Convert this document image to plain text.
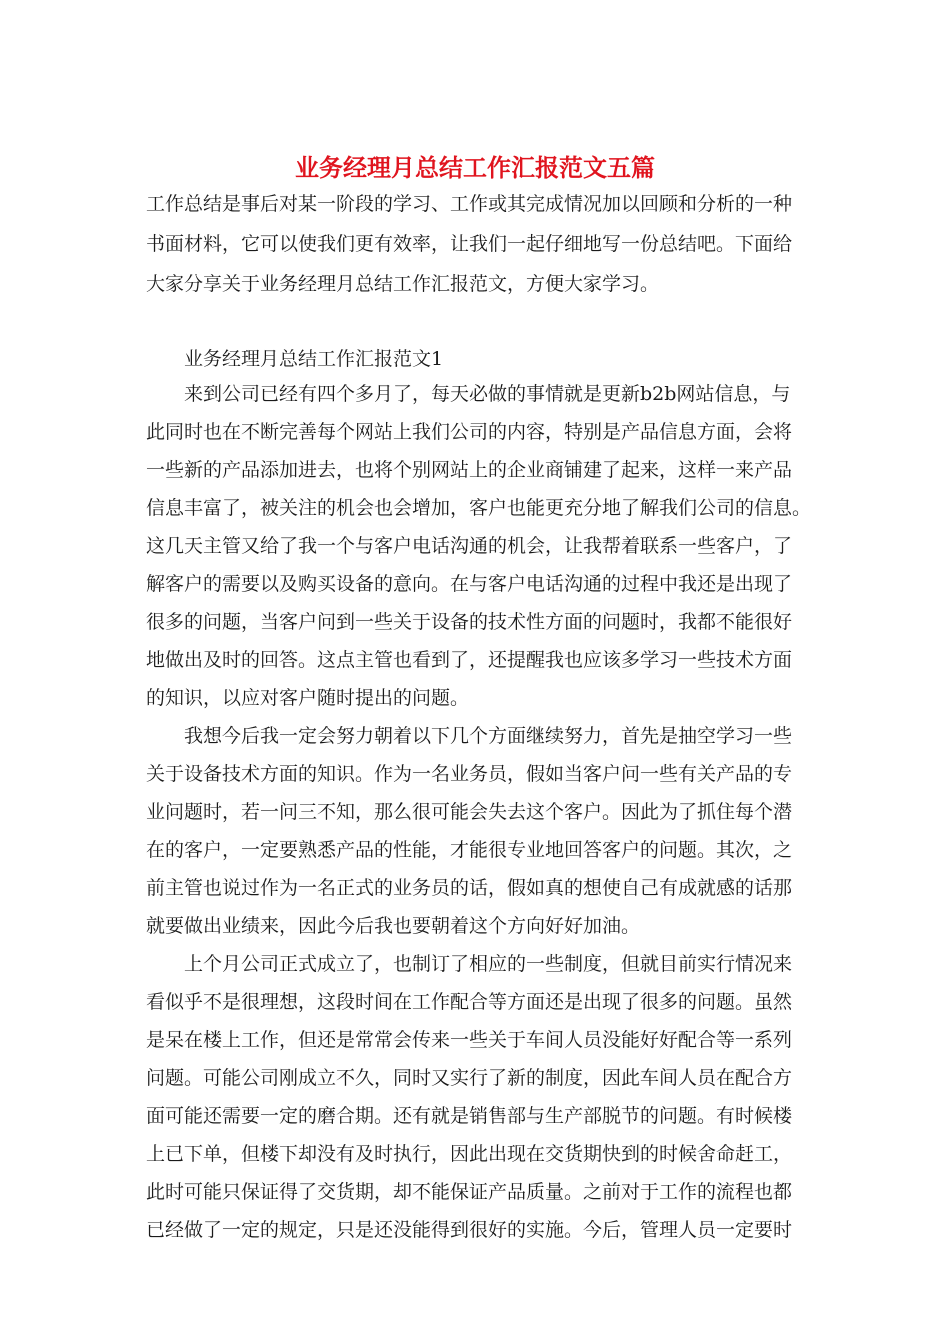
业务经理月总结工作汇报范文五篇

工作总结是事后对某一阶段的学习、工作或其完成情况加以回顾和分析的一种

书面材料，它可以使我们更有效率，让我们一起仔细地写一份总结吧。下面给

大家分享关于业务经理月总结工作汇报范文，方便大家学习。

业务经理月总结工作汇报范文1

来到公司已经有四个多月了，每天必做的事情就是更新b2b网站信息，与

此同时也在不断完善每个网站上我们公司的内容，特别是产品信息方面，会将

一些新的产品添加进去，也将个别网站上的企业商铺建了起来，这样一来产品

信息丰富了，被关注的机会也会增加，客户也能更充分地了解我们公司的信息。

这几天主管又给了我一个与客户电话沟通的机会，让我帮着联系一些客户，了

解客户的需要以及购买设备的意向。在与客户电话沟通的过程中我还是出现了

很多的问题，当客户问到一些关于设备的技术性方面的问题时，我都不能很好

地做出及时的回答。这点主管也看到了，还提醒我也应该多学习一些技术方面

的知识，以应对客户随时提出的问题。

我想今后我一定会努力朝着以下几个方面继续努力，首先是抽空学习一些

关于设备技术方面的知识。作为一名业务员，假如当客户问一些有关产品的专

业问题时，若一问三不知，那么很可能会失去这个客户。因此为了抓住每个潜

在的客户，一定要熟悉产品的性能，才能很专业地回答客户的问题。其次，之

前主管也说过作为一名正式的业务员的话，假如真的想使自己有成就感的话那

就要做出业绩来，因此今后我也要朝着这个方向好好加油。

上个月公司正式成立了，也制订了相应的一些制度，但就目前实行情况来

看似乎不是很理想，这段时间在工作配合等方面还是出现了很多的问题。虽然

是呆在楼上工作，但还是常常会传来一些关于车间人员没能好好配合等一系列

问题。可能公司刚成立不久，同时又实行了新的制度，因此车间人员在配合方

面可能还需要一定的磨合期。还有就是销售部与生产部脱节的问题。有时候楼

上已下单，但楼下却没有及时执行，因此出现在交货期快到的时候舍命赶工，

此时可能只保证得了交货期，却不能保证产品质量。之前对于工作的流程也都

已经做了一定的规定，只是还没能得到很好的实施。今后，管理人员一定要时
